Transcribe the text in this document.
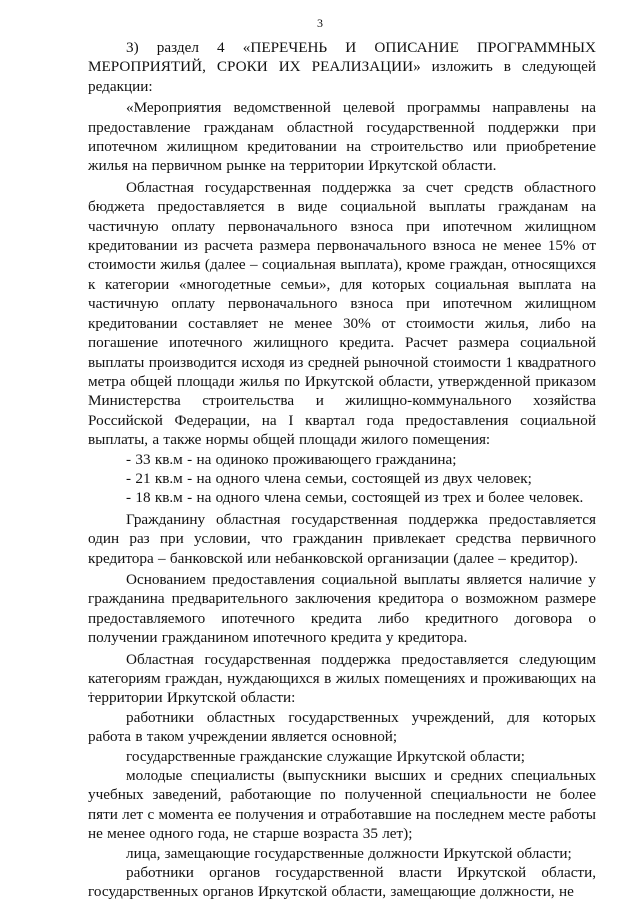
3

3) раздел 4 «ПЕРЕЧЕНЬ И ОПИСАНИЕ ПРОГРАММНЫХ МЕРОПРИЯТИЙ, СРОКИ ИХ РЕАЛИЗАЦИИ» изложить в следующей редакции:

«Мероприятия ведомственной целевой программы направлены на предоставление гражданам областной государственной поддержки при ипотечном жилищном кредитовании на строительство или приобретение жилья на первичном рынке на территории Иркутской области.

Областная государственная поддержка за счет средств областного бюджета предоставляется в виде социальной выплаты гражданам на частичную оплату первоначального взноса при ипотечном жилищном кредитовании из расчета размера первоначального взноса не менее 15% от стоимости жилья (далее – социальная выплата), кроме граждан, относящихся к категории «многодетные семьи», для которых социальная выплата на частичную оплату первоначального взноса при ипотечном жилищном кредитовании составляет не менее 30% от стоимости жилья, либо на погашение ипотечного жилищного кредита. Расчет размера социальной выплаты производится исходя из средней рыночной стоимости 1 квадратного метра общей площади жилья по Иркутской области, утвержденной приказом Министерства строительства и жилищно-коммунального хозяйства Российской Федерации, на I квартал года предоставления социальной выплаты, а также нормы общей площади жилого помещения:

- 33 кв.м - на одиноко проживающего гражданина;

- 21 кв.м - на одного члена семьи, состоящей из двух человек;

- 18 кв.м - на одного члена семьи, состоящей из трех и более человек.

Гражданину областная государственная поддержка предоставляется один раз при условии, что гражданин привлекает средства первичного кредитора – банковской или небанковской организации (далее – кредитор).

Основанием предоставления социальной выплаты является наличие у гражданина предварительного заключения кредитора о возможном размере предоставляемого ипотечного кредита либо кредитного договора о получении гражданином ипотечного кредита у кредитора.

Областная государственная поддержка предоставляется следующим категориям граждан, нуждающихся в жилых помещениях и проживающих на территории Иркутской области:

работники областных государственных учреждений, для которых работа в таком учреждении является основной;

государственные гражданские служащие Иркутской области;

молодые специалисты (выпускники высших и средних специальных учебных заведений, работающие по полученной специальности не более пяти лет с момента ее получения и отработавшие на последнем месте работы не менее одного года, не старше возраста 35 лет);

лица, замещающие государственные должности Иркутской области;

работники органов государственной власти Иркутской области, государственных органов Иркутской области, замещающие должности, не
